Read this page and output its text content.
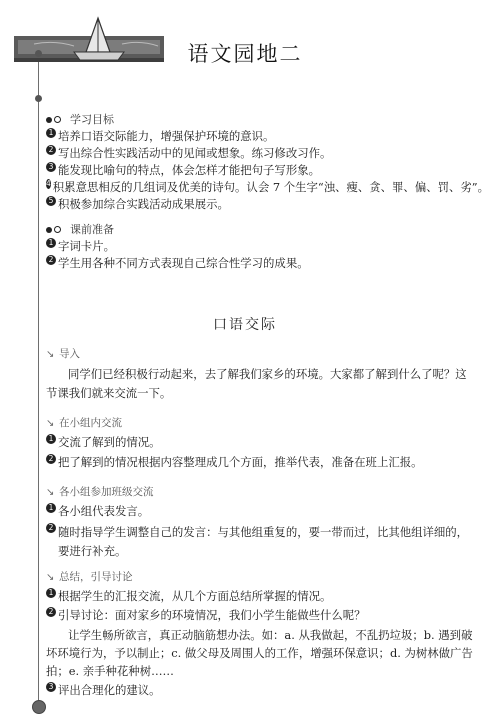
语文园地二
学习目标
1 培养口语交际能力，增强保护环境的意识。
2 写出综合性实践活动中的见闻或想象。练习修改习作。
3 能发现比喻句的特点，体会怎样才能把句子写形象。
4 积累意思相反的几组词及优美的诗句。认会 7 个生字“浊、瘦、贪、罪、偏、罚、劣”。
5 积极参加综合实践活动成果展示。
课前准备
1 字词卡片。
2 学生用各种不同方式表现自己综合性学习的成果。
口语交际
↘ 导入

同学们已经积极行动起来，去了解我们家乡的环境。大家都了解到什么了呢？这节课我们就来交流一下。

↘ 在小组内交流
1 交流了解到的情况。
2 把了解到的情况根据内容整理成几个方面，推举代表，准备在班上汇报。
↘ 各小组参加班级交流
1 各小组代表发言。
2 随时指导学生调整自己的发言：与其他组重复的，要一带而过，比其他组详细的，要进行补充。
↘ 总结，引导讨论
1 根据学生的汇报交流，从几个方面总结所掌握的情况。
2 引导讨论：面对家乡的环境情况，我们小学生能做些什么呢？

让学生畅所欲言，真正动脑筋想办法。如：a. 从我做起，不乱扔垃圾；b. 遇到破坏环境行为，予以制止；c. 做父母及周围人的工作，增强环保意识；d. 为树林做广告拍；e. 亲手种花种树……

3 评出合理化的建议。
